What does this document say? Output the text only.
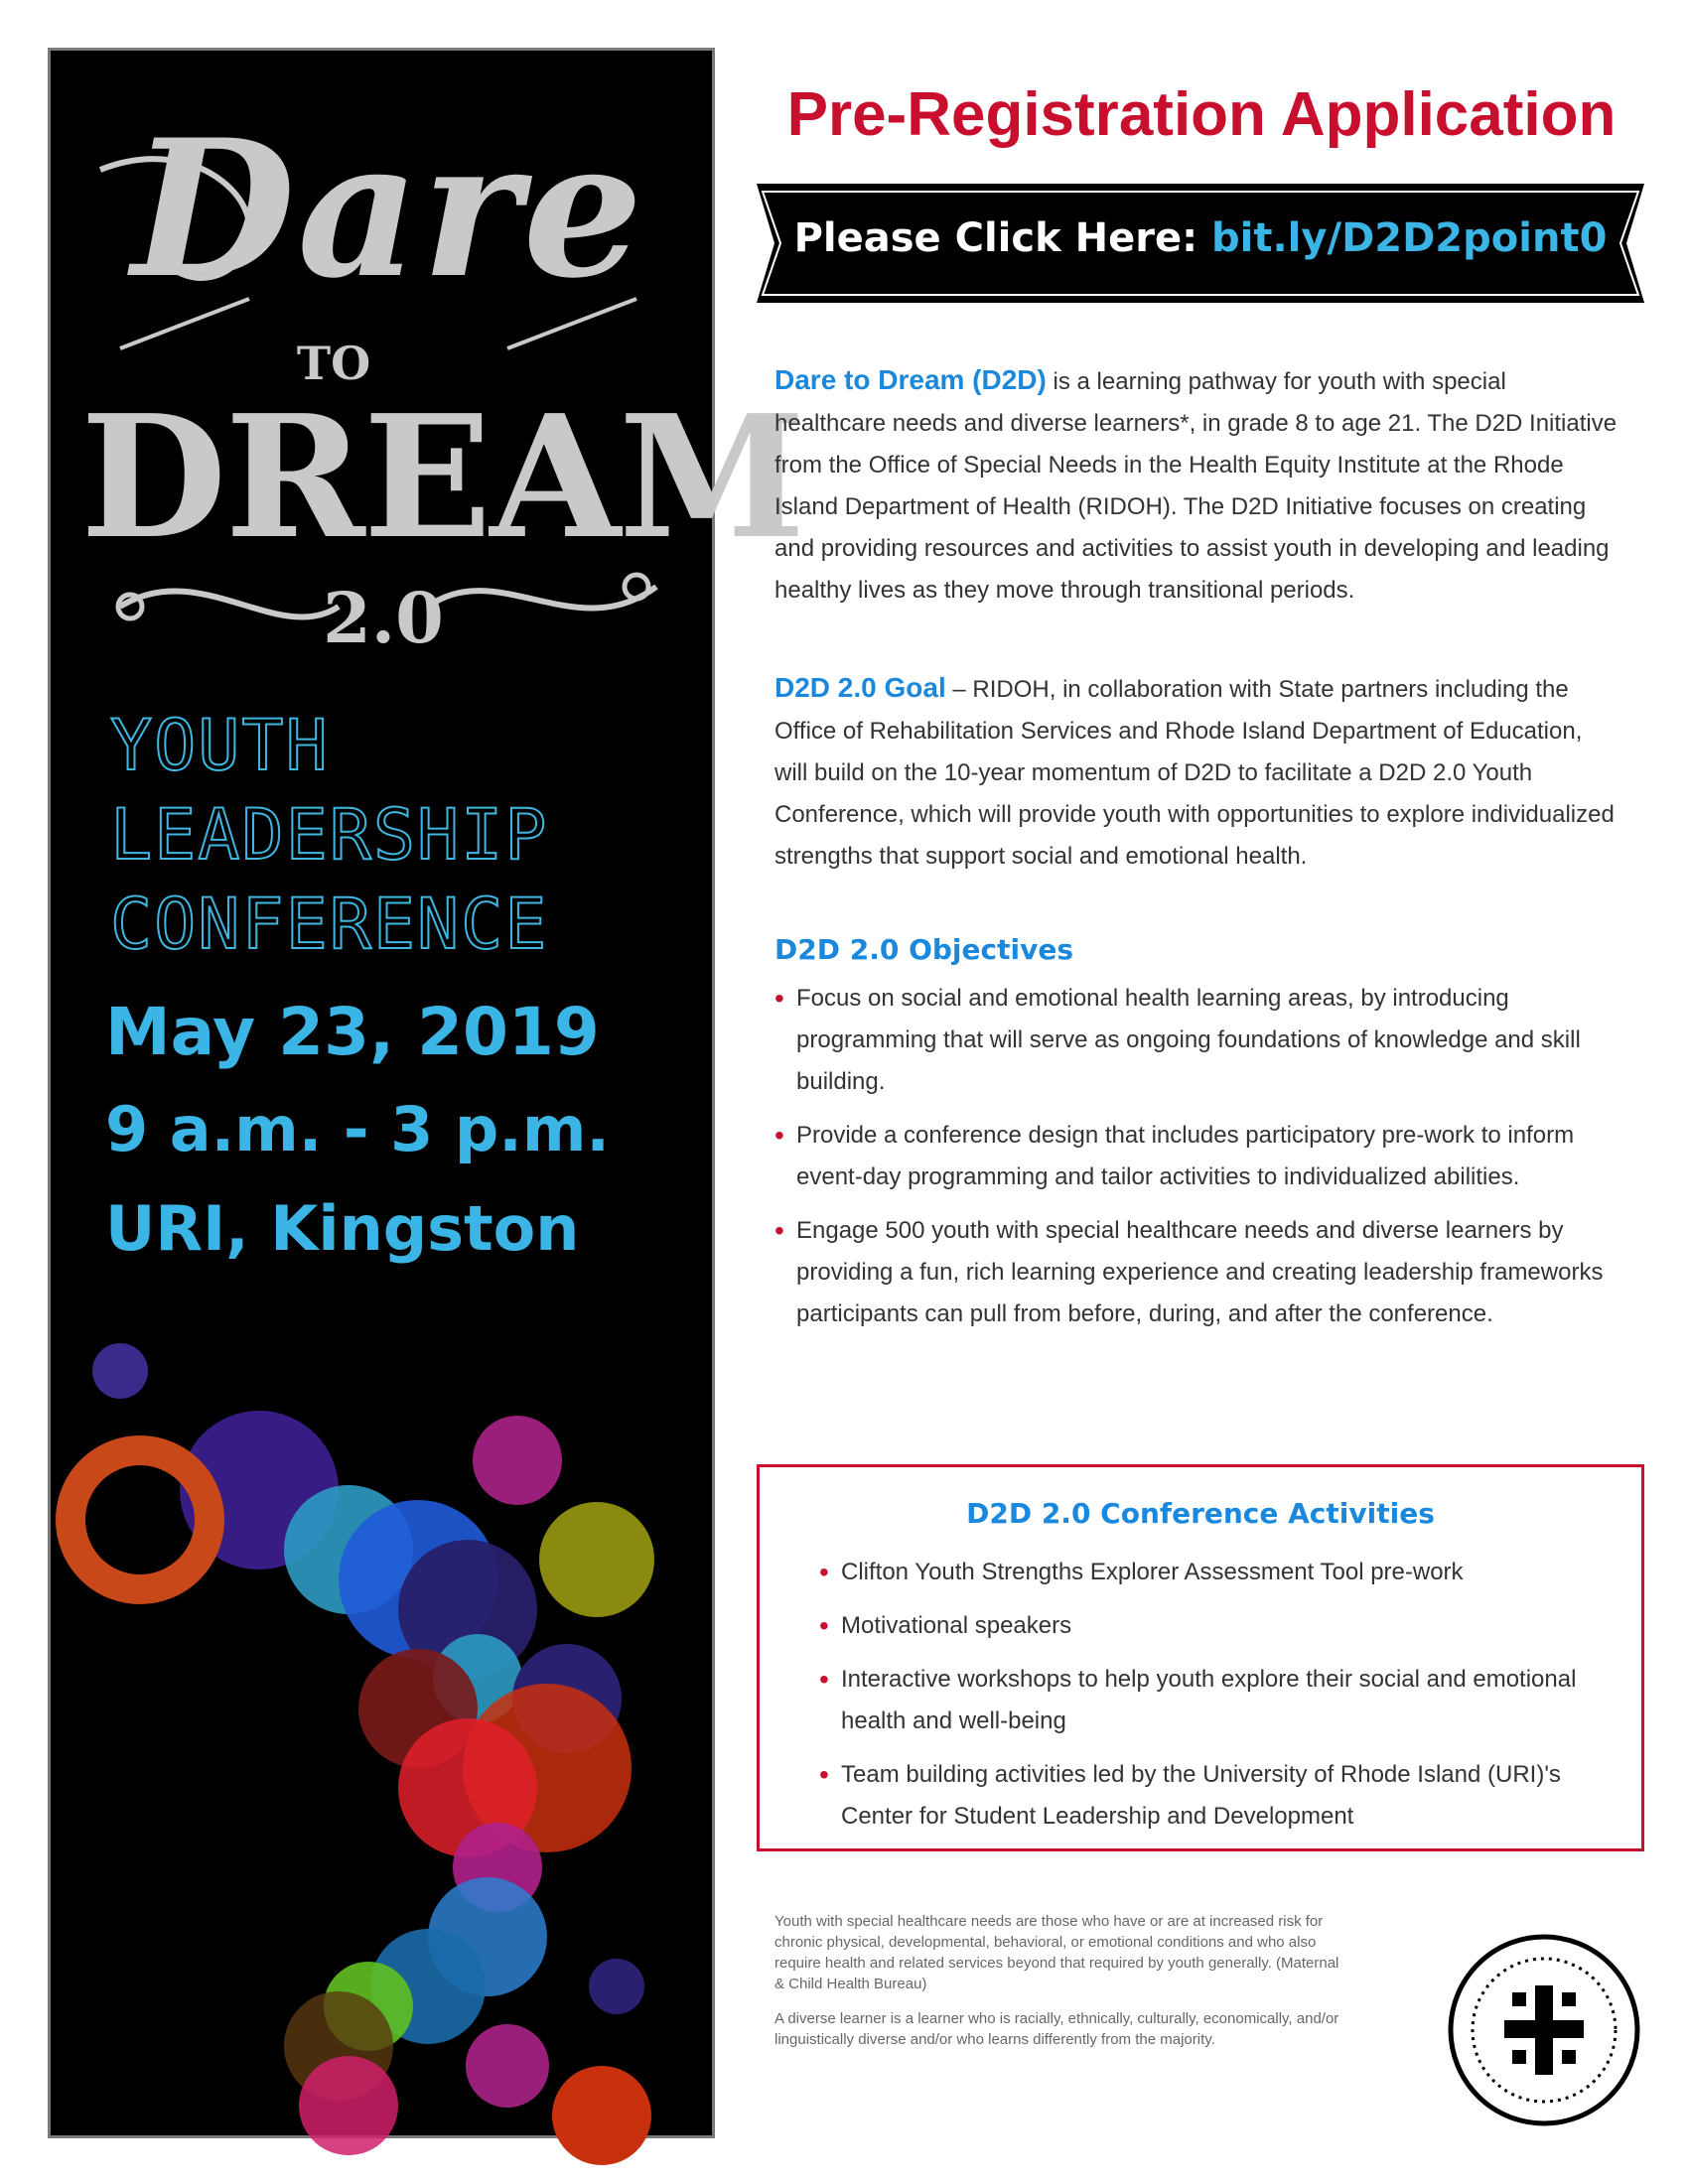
Dare
TO
DREAM
2.0
YOUTH
LEADERSHIP
CONFERENCE
May 23, 2019
9 a.m. - 3 p.m.
URI, Kingston
Pre-Registration Application
Please Click Here: bit.ly/D2D2point0
Dare to Dream (D2D) is a learning pathway for youth with special healthcare needs and diverse learners*, in grade 8 to age 21. The D2D Initiative from the Office of Special Needs in the Health Equity Institute at the Rhode Island Department of Health (RIDOH). The D2D Initiative focuses on creating and providing resources and activities to assist youth in developing and leading healthy lives as they move through transitional periods.
D2D 2.0 Goal – RIDOH, in collaboration with State partners including the Office of Rehabilitation Services and Rhode Island Department of Education, will build on the 10-year momentum of D2D to facilitate a D2D 2.0 Youth Conference, which will provide youth with opportunities to explore individualized strengths that support social and emotional health.
D2D 2.0 Objectives
• Focus on social and emotional health learning areas, by introducing programming that will serve as ongoing foundations of knowledge and skill building.
• Provide a conference design that includes participatory pre-work to inform event-day programming and tailor activities to individualized abilities.
• Engage 500 youth with special healthcare needs and diverse learners by providing a fun, rich learning experience and creating leadership frameworks participants can pull from before, during, and after the conference.
D2D 2.0 Conference Activities
• Clifton Youth Strengths Explorer Assessment Tool pre-work
• Motivational speakers
• Interactive workshops to help youth explore their social and emotional health and well-being
• Team building activities led by the University of Rhode Island (URI)'s Center for Student Leadership and Development

Youth with special healthcare needs are those who have or are at increased risk for chronic physical, developmental, behavioral, or emotional conditions and who also require health and related services beyond that required by youth generally. (Maternal & Child Health Bureau)

A diverse learner is a learner who is racially, ethnically, culturally, economically, and/or linguistically diverse and/or who learns differently from the majority.
